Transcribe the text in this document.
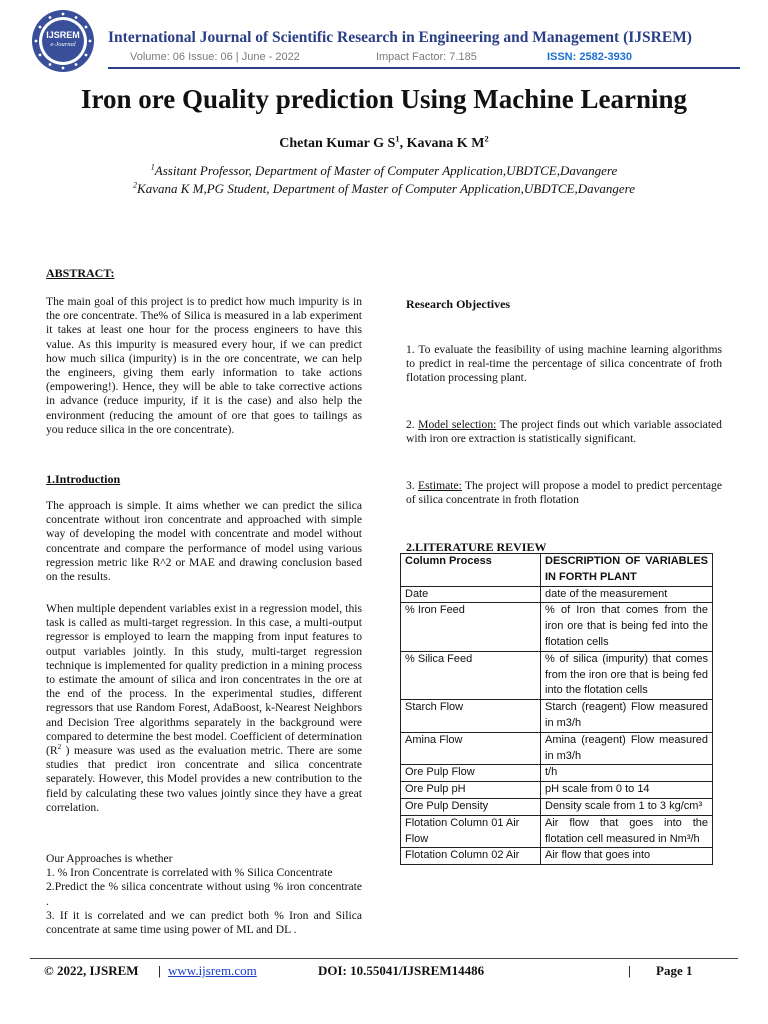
IJSREM
e-Journal	International Journal of Scientific Research in Engineering and Management (IJSREM)
Volume: 06 Issue: 06 | June - 2022	Impact Factor: 7.185	ISSN: 2582-3930
Iron ore Quality prediction Using Machine Learning
Chetan Kumar G $S^1$, Kavana K $M^2$
$^1$Assitant Professor, Department of Master of Computer Application,UBDTCE,Davangere
$^2$Kavana K M,PG Student, Department of Master of Computer Application,UBDTCE,Davangere
ABSTRACT:
The main goal of this project is to predict how much impurity is in the ore concentrate. The% of Silica is measured in a lab experiment it takes at least one hour for the process engineers to have this value. As this impurity is measured every hour, if we can predict how much silica (impurity) is in the ore concentrate, we can help the engineers, giving them early information to take actions (empowering!). Hence, they will be able to take corrective actions in advance (reduce impurity, if it is the case) and also help the environment (reducing the amount of ore that goes to tailings as you reduce silica in the ore concentrate).
1.Introduction
The approach is simple. It aims whether we can predict the silica concentrate without iron concentrate and approached with simple way of developing the model with concentrate and model without concentrate and compare the performance of model using various regression metric like R^2 or MAE and drawing conclusion based on the results.
When multiple dependent variables exist in a regression model, this task is called as multi-target regression. In this case, a multi-output regressor is employed to learn the mapping from input features to output variables jointly. In this study, multi-target regression technique is implemented for quality prediction in a mining process to estimate the amount of silica and iron concentrates in the ore at the end of the process. In the experimental studies, different regressors that use Random Forest, AdaBoost, k-Nearest Neighbors and Decision Tree algorithms separately in the background were compared to determine the best model. Coefficient of determination ($R^2$ ) measure was used as the evaluation metric. There are some studies that predict iron concentrate and silica concentrate separately. However, this Model provides a new contribution to the field by calculating these two values jointly since they have a great correlation.
Our Approaches is whether
1. % Iron Concentrate is correlated with % Silica Concentrate
2.Predict the % silica concentrate without using % iron concentrate .
3. If it is correlated and we can predict both % Iron and Silica concentrate at same time using power of ML and DL .
Research Objectives
1. To evaluate the feasibility of using machine learning algorithms to predict in real-time the percentage of silica concentrate of froth flotation processing plant.
2. Model selection: The project finds out which variable associated with iron ore extraction is statistically significant.
3. Estimate: The project will propose a model to predict percentage of silica concentrate in froth flotation
2.LITERATURE REVIEW
Column Process	DESCRIPTION OF VARIABLES IN FORTH PLANT
Date	date of the measurement
% Iron Feed	% of Iron that comes from the iron ore that is being fed into the flotation cells
% Silica Feed	% of silica (impurity) that comes from the iron ore that is being fed into the flotation cells
Starch Flow	Starch (reagent) Flow measured in m3/h
Amina Flow	Amina (reagent) Flow measured in m3/h
Ore Pulp Flow	t/h
Ore Pulp pH	pH scale from 0 to 14
Ore Pulp Density	Density scale from 1 to 3 kg/cm³
Flotation Column 01 Air Flow	Air flow that goes into the flotation cell measured in Nm³/h
Flotation Column 02 Air	Air flow that goes into
© 2022, IJSREM | www.ijsrem.com	DOI: 10.55041/IJSREM14486	| Page 1
